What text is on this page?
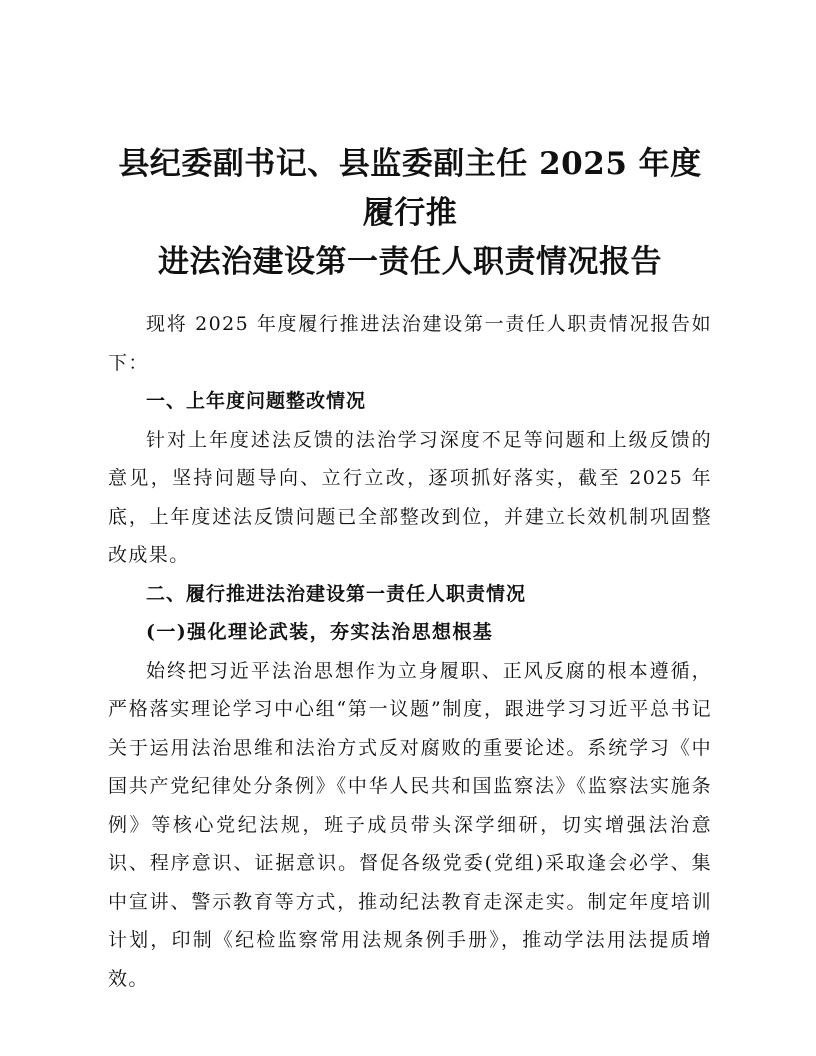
县纪委副书记、县监委副主任 2025 年度履行推
进法治建设第一责任人职责情况报告

现将 2025 年度履行推进法治建设第一责任人职责情况报告如下：

一、上年度问题整改情况

针对上年度述法反馈的法治学习深度不足等问题和上级反馈的意见，坚持问题导向、立行立改，逐项抓好落实，截至 2025 年底，上年度述法反馈问题已全部整改到位，并建立长效机制巩固整改成果。

二、履行推进法治建设第一责任人职责情况

(一)强化理论武装，夯实法治思想根基

始终把习近平法治思想作为立身履职、正风反腐的根本遵循，严格落实理论学习中心组“第一议题”制度，跟进学习习近平总书记关于运用法治思维和法治方式反对腐败的重要论述。系统学习《中国共产党纪律处分条例》《中华人民共和国监察法》《监察法实施条例》等核心党纪法规，班子成员带头深学细研，切实增强法治意识、程序意识、证据意识。督促各级党委(党组)采取逢会必学、集中宣讲、警示教育等方式，推动纪法教育走深走实。制定年度培训计划，印制《纪检监察常用法规条例手册》，推动学法用法提质增效。
